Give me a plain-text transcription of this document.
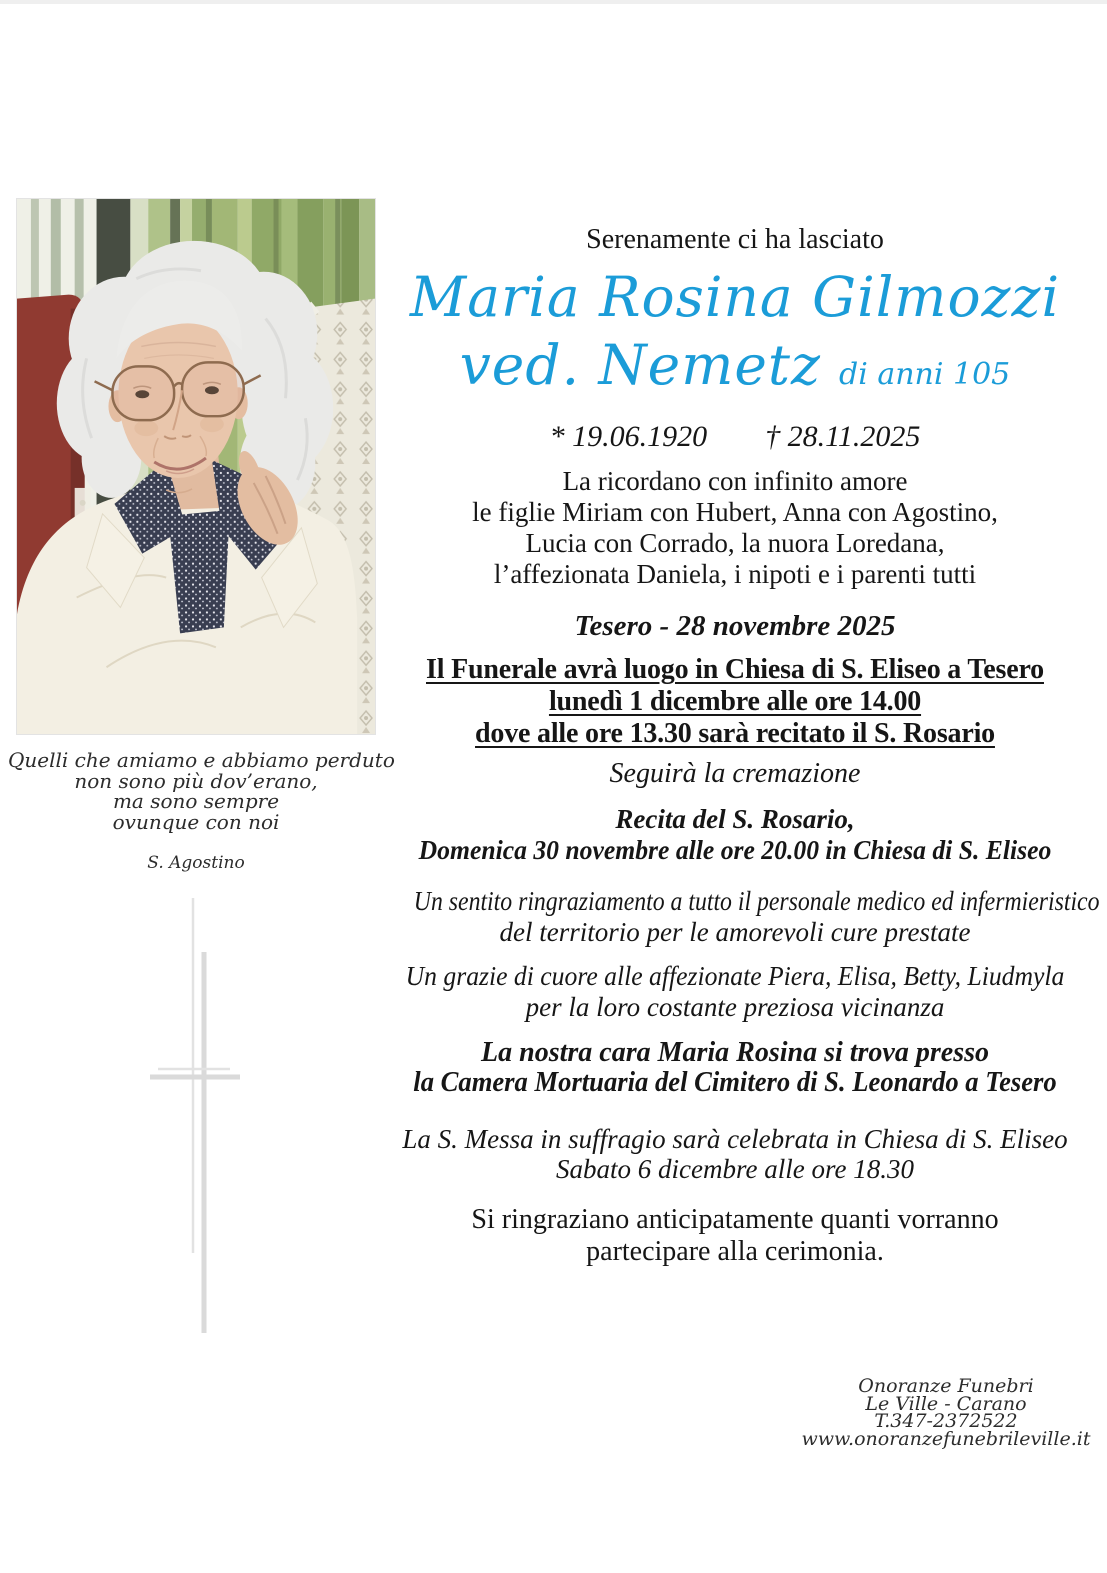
Quelli che amiamo e abbiamo perduto
non sono più dov’erano,
ma sono sempre
ovunque con noi
S. Agostino
Serenamente ci ha lasciato
Maria Rosina Gilmozzi
ved. Nemetz di anni 105
* 19.06.1920 † 28.11.2025
La ricordano con infinito amore
le figlie Miriam con Hubert, Anna con Agostino,
Lucia con Corrado, la nuora Loredana,
l’affezionata Daniela, i nipoti e i parenti tutti
Tesero - 28 novembre 2025
Il Funerale avrà luogo in Chiesa di S. Eliseo a Tesero
lunedì 1 dicembre alle ore 14.00
dove alle ore 13.30 sarà recitato il S. Rosario
Seguirà la cremazione
Recita del S. Rosario,
Domenica 30 novembre alle ore 20.00 in Chiesa di S. Eliseo
Un sentito ringraziamento a tutto il personale medico ed infermieristico
del territorio per le amorevoli cure prestate
Un grazie di cuore alle affezionate Piera, Elisa, Betty, Liudmyla
per la loro costante preziosa vicinanza
La nostra cara Maria Rosina si trova presso
la Camera Mortuaria del Cimitero di S. Leonardo a Tesero
La S. Messa in suffragio sarà celebrata in Chiesa di S. Eliseo
Sabato 6 dicembre alle ore 18.30
Si ringraziano anticipatamente quanti vorranno
partecipare alla cerimonia.
Onoranze Funebri
Le Ville - Carano
T.347-2372522
www.onoranzefunebrileville.it
